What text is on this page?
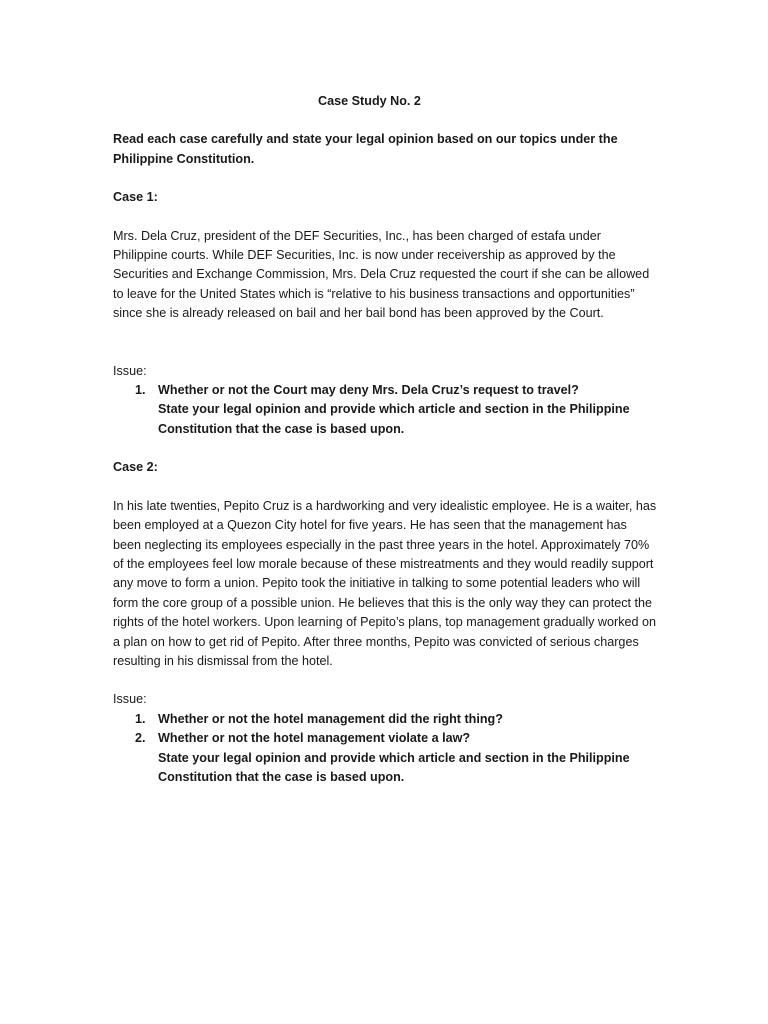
Case Study No. 2

Read each case carefully and state your legal opinion based on our topics under the Philippine Constitution.

Case 1:

Mrs. Dela Cruz, president of the DEF Securities, Inc., has been charged of estafa under Philippine courts. While DEF Securities, Inc. is now under receivership as approved by the Securities and Exchange Commission, Mrs. Dela Cruz requested the court if she can be allowed to leave for the United States which is “relative to his business transactions and opportunities” since she is already released on bail and her bail bond has been approved by the Court.

Issue:

1. Whether or not the Court may deny Mrs. Dela Cruz’s request to travel?

State your legal opinion and provide which article and section in the Philippine Constitution that the case is based upon.

Case 2:

In his late twenties, Pepito Cruz is a hardworking and very idealistic employee. He is a waiter, has been employed at a Quezon City hotel for five years. He has seen that the management has been neglecting its employees especially in the past three years in the hotel. Approximately 70% of the employees feel low morale because of these mistreatments and they would readily support any move to form a union. Pepito took the initiative in talking to some potential leaders who will form the core group of a possible union. He believes that this is the only way they can protect the rights of the hotel workers. Upon learning of Pepito’s plans, top management gradually worked on a plan on how to get rid of Pepito. After three months, Pepito was convicted of serious charges resulting in his dismissal from the hotel.

Issue:

1. Whether or not the hotel management did the right thing?
2. Whether or not the hotel management violate a law?

State your legal opinion and provide which article and section in the Philippine Constitution that the case is based upon.
